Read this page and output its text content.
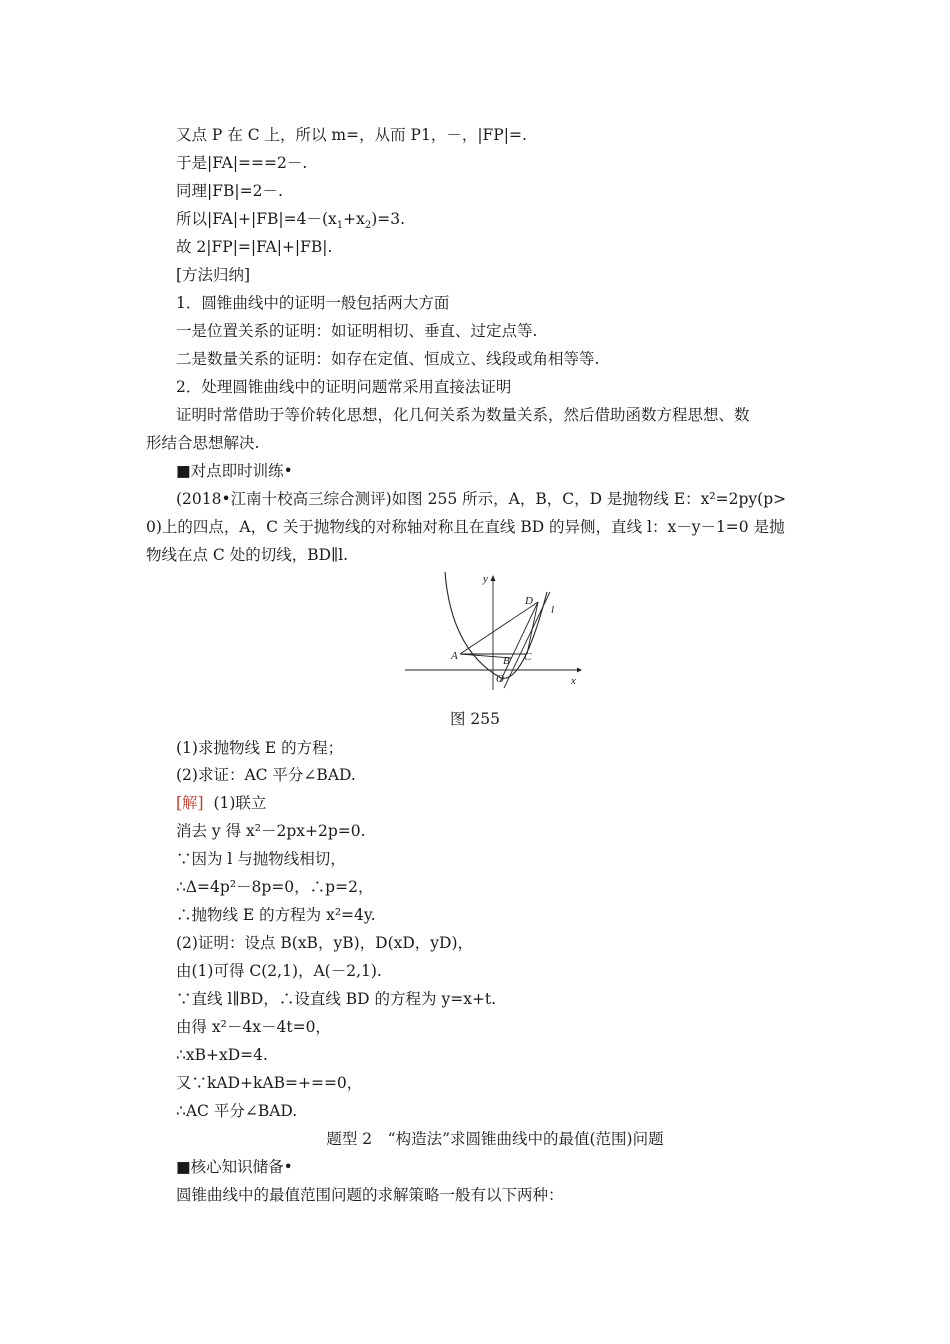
又点 P 在 C 上，所以 m=，从而 P1，－，|FP|=.
于是|FA|===2－.
同理|FB|=2－.
所以$|FA|+|FB|=4-(x_1+x_2)=3$.
故 2|FP|=|FA|+|FB|.
[方法归纳]
1．圆锥曲线中的证明一般包括两大方面
一是位置关系的证明：如证明相切、垂直、过定点等.
二是数量关系的证明：如存在定值、恒成立、线段或角相等等.
2．处理圆锥曲线中的证明问题常采用直接法证明
证明时常借助于等价转化思想，化几何关系为数量关系，然后借助函数方程思想、数
形结合思想解决.
■对点即时训练•
(2018•江南十校高三综合测评)如图 255 所示，A，B，C，D 是抛物线 E：x²=2py(p>
0)上的四点，A，C 关于抛物线的对称轴对称且在直线 BD 的异侧，直线 l：x－y－1=0 是抛
物线在点 C 处的切线，BD∥l.
y
x
O
A	B C
D
l
图 255
(1)求抛物线 E 的方程；
(2)求证：AC 平分∠BAD.
[解] (1)联立
消去 y 得 x²－2px+2p=0.
∵因为 l 与抛物线相切，
∴Δ=4p²－8p=0，∴p=2，
∴抛物线 E 的方程为 x²=4y.
(2)证明：设点 B(xB，yB)，D(xD，yD)，
由(1)可得 C(2,1)，A(－2,1).
∵直线 l∥BD，∴设直线 BD 的方程为 y=x+t.
由得 x²－4x－4t=0，
∴xB+xD=4.
又∵kAD+kAB=+==0，
∴AC 平分∠BAD.
题型 2　“构造法”求圆锥曲线中的最值(范围)问题
■核心知识储备•
圆锥曲线中的最值范围问题的求解策略一般有以下两种：
